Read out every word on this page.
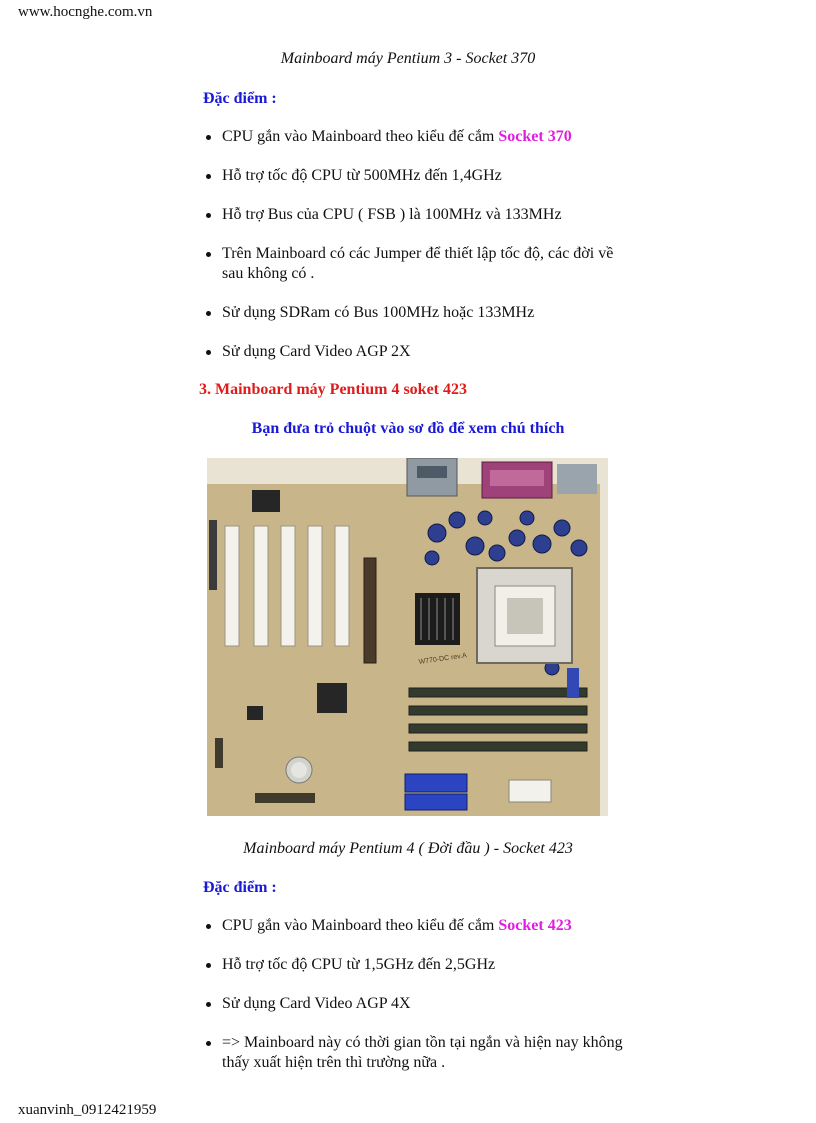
www.hocnghe.com.vn
Mainboard máy Pentium 3 - Socket 370
Đặc điểm :
CPU gắn vào Mainboard theo kiểu đế cắm Socket 370
Hỗ trợ tốc độ CPU từ 500MHz đến 1,4GHz
Hỗ trợ Bus của CPU ( FSB ) là 100MHz và 133MHz
Trên Mainboard có các Jumper để thiết lập tốc độ, các đời về sau không có .
Sử dụng SDRam có Bus 100MHz hoặc 133MHz
Sử dụng Card Video AGP 2X
3. Mainboard máy Pentium 4 soket 423
Bạn đưa trỏ chuột vào sơ đồ để xem chú thích
W770-DC rev.A
Mainboard máy Pentium 4 ( Đời đầu ) - Socket 423
Đặc điểm :
CPU gắn vào Mainboard theo kiểu đế cắm Socket 423
Hỗ trợ tốc độ CPU từ 1,5GHz đến 2,5GHz
Sử dụng Card Video AGP 4X
=> Mainboard này có thời gian tồn tại ngắn và hiện nay không thấy xuất hiện trên thì trường nữa .
xuanvinh_0912421959
